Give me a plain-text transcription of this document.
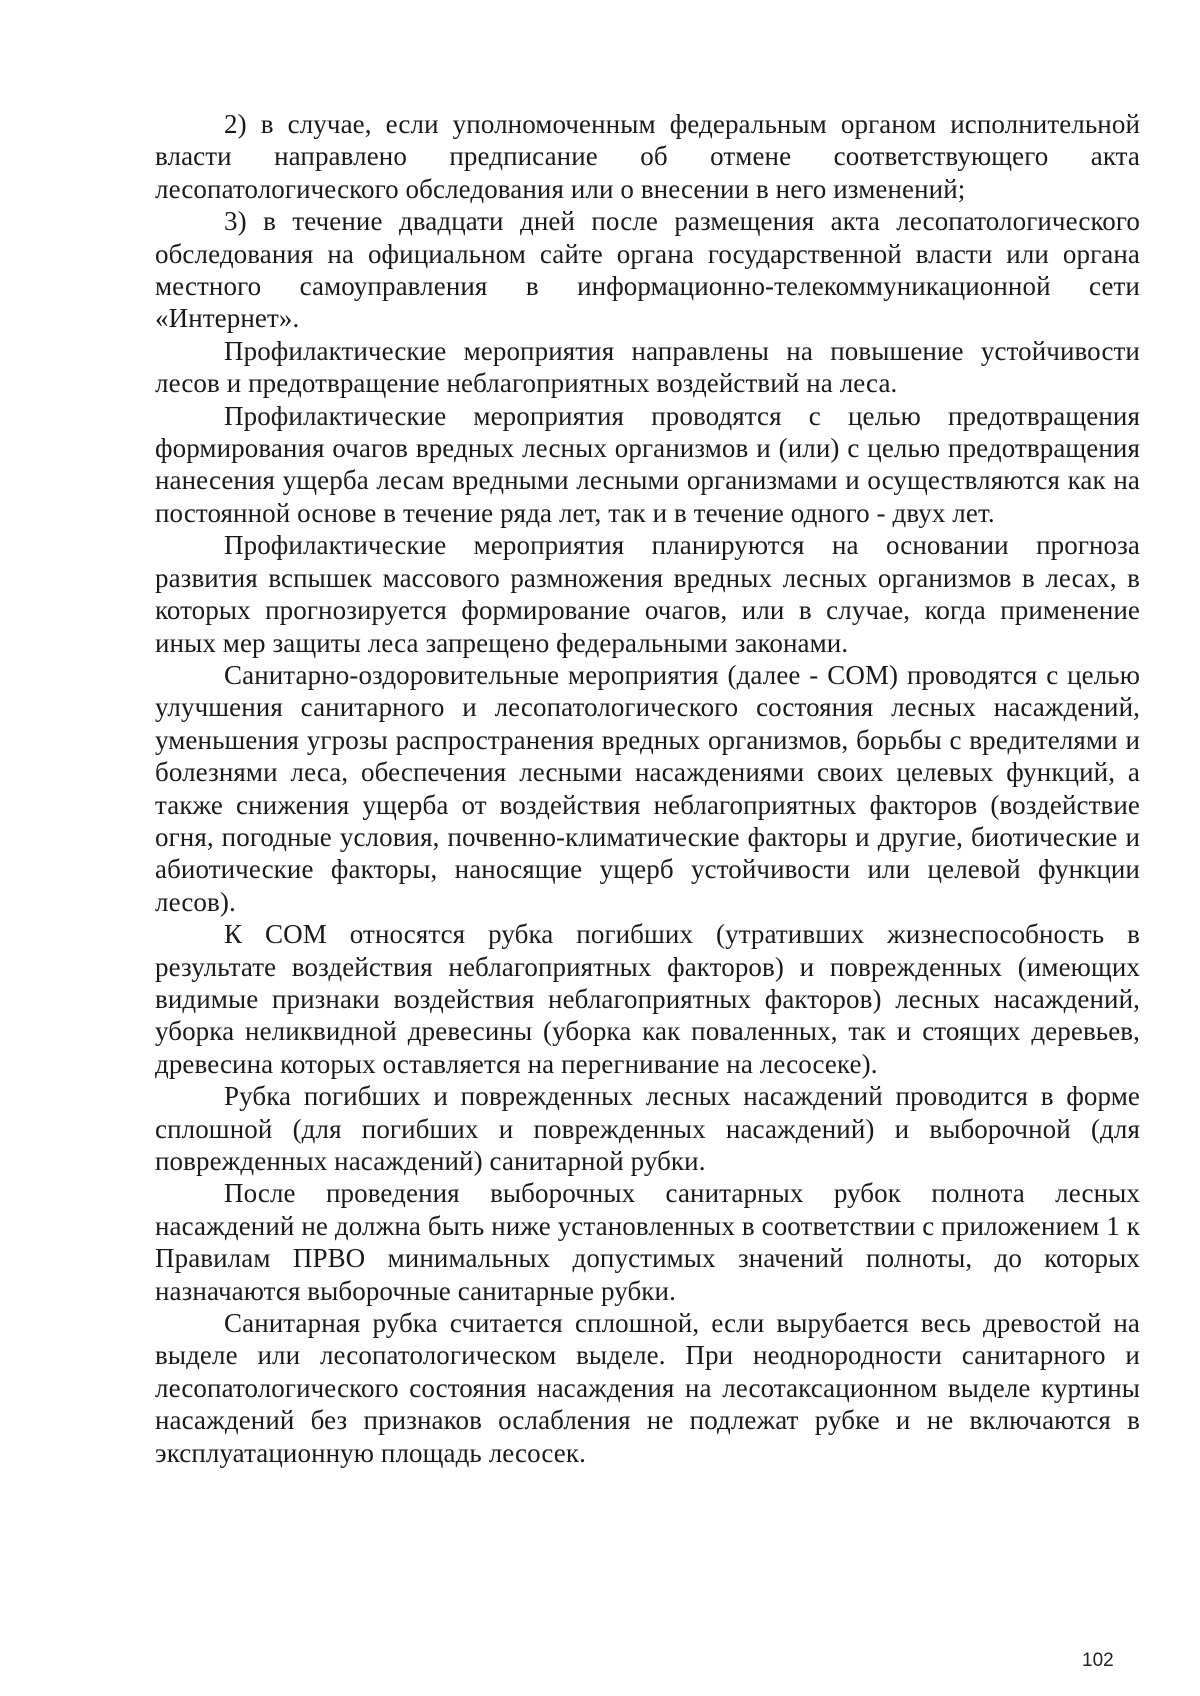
2) в случае, если уполномоченным федеральным органом исполнительной власти направлено предписание об отмене соответствующего акта лесопатологического обследования или о внесении в него изменений;

3) в течение двадцати дней после размещения акта лесопатологического обследования на официальном сайте органа государственной власти или органа местного самоуправления в информационно-телекоммуникационной сети «Интернет».

Профилактические мероприятия направлены на повышение устойчивости лесов и предотвращение неблагоприятных воздействий на леса.

Профилактические мероприятия проводятся с целью предотвращения формирования очагов вредных лесных организмов и (или) с целью предотвращения нанесения ущерба лесам вредными лесными организмами и осуществляются как на постоянной основе в течение ряда лет, так и в течение одного - двух лет.

Профилактические мероприятия планируются на основании прогноза развития вспышек массового размножения вредных лесных организмов в лесах, в которых прогнозируется формирование очагов, или в случае, когда применение иных мер защиты леса запрещено федеральными законами.

Санитарно-оздоровительные мероприятия (далее - СОМ) проводятся с целью улучшения санитарного и лесопатологического состояния лесных насаждений, уменьшения угрозы распространения вредных организмов, борьбы с вредителями и болезнями леса, обеспечения лесными насаждениями своих целевых функций, а также снижения ущерба от воздействия неблагоприятных факторов (воздействие огня, погодные условия, почвенно-климатические факторы и другие, биотические и абиотические факторы, наносящие ущерб устойчивости или целевой функции лесов).

К СОМ относятся рубка погибших (утративших жизнеспособность в результате воздействия неблагоприятных факторов) и поврежденных (имеющих видимые признаки воздействия неблагоприятных факторов) лесных насаждений, уборка неликвидной древесины (уборка как поваленных, так и стоящих деревьев, древесина которых оставляется на перегнивание на лесосеке).

Рубка погибших и поврежденных лесных насаждений проводится в форме сплошной (для погибших и поврежденных насаждений) и выборочной (для поврежденных насаждений) санитарной рубки.

После проведения выборочных санитарных рубок полнота лесных насаждений не должна быть ниже установленных в соответствии с приложением 1 к Правилам ПРВО минимальных допустимых значений полноты, до которых назначаются выборочные санитарные рубки.

Санитарная рубка считается сплошной, если вырубается весь древостой на выделе или лесопатологическом выделе. При неоднородности санитарного и лесопатологического состояния насаждения на лесотаксационном выделе куртины насаждений без признаков ослабления не подлежат рубке и не включаются в эксплуатационную площадь лесосек.

102
